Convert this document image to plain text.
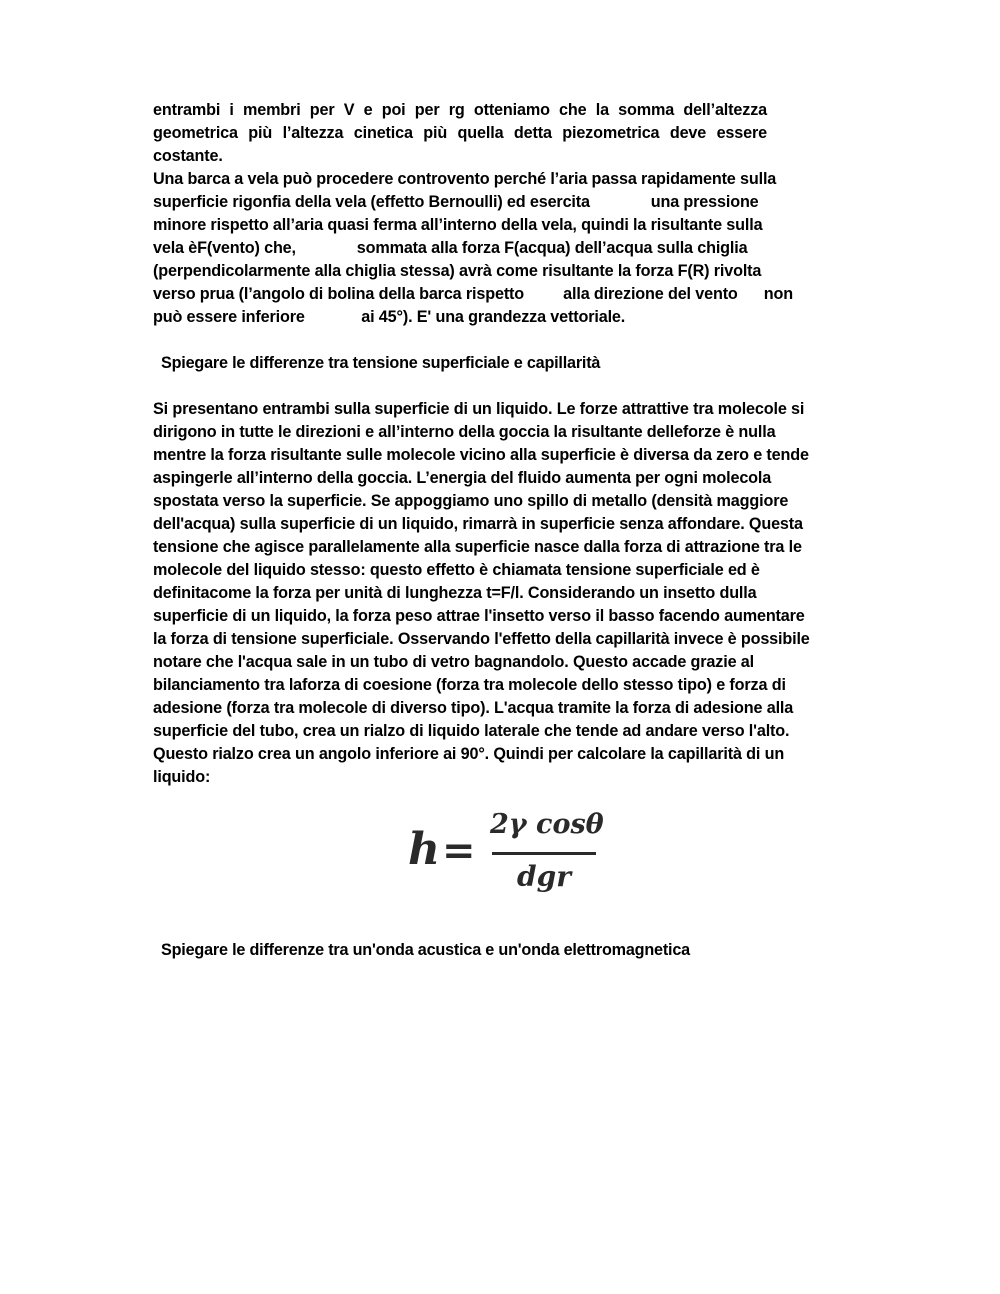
entrambi i membri per V e poi per rg otteniamo che la somma dell’altezza
geometrica più l’altezza cinetica più quella detta piezometrica deve essere
costante.
Una barca a vela può procedere controvento perché l’aria passa rapidamente sulla
superficie rigonfia della vela (effetto Bernoulli) ed esercita              una pressione
minore rispetto all’aria quasi ferma all’interno della vela, quindi la risultante sulla
vela èF(vento) che,              sommata alla forza F(acqua) dell’acqua sulla chiglia
(perpendicolarmente alla chiglia stessa) avrà come risultante la forza F(R) rivolta
verso prua (l’angolo di bolina della barca rispetto         alla direzione del vento      non
può essere inferiore             ai 45°). E' una grandezza vettoriale.
Spiegare le differenze tra tensione superficiale e capillarità
Si presentano entrambi sulla superficie di un liquido. Le forze attrattive tra molecole si
dirigono in tutte le direzioni e all’interno della goccia la risultante delleforze è nulla
mentre la forza risultante sulle molecole vicino alla superficie è diversa da zero e tende
aspingerle all’interno della goccia. L’energia del fluido aumenta per ogni molecola
spostata verso la superficie. Se appoggiamo uno spillo di metallo (densità maggiore
dell'acqua) sulla superficie di un liquido, rimarrà in superficie senza affondare. Questa
tensione che agisce parallelamente alla superficie nasce dalla forza di attrazione tra le
molecole del liquido stesso: questo effetto è chiamata tensione superficiale ed è
definitacome la forza per unità di lunghezza t=F/l. Considerando un insetto dulla
superficie di un liquido, la forza peso attrae l'insetto verso il basso facendo aumentare
la forza di tensione superficiale. Osservando l'effetto della capillarità invece è possibile
notare che l'acqua sale in un tubo di vetro bagnandolo. Questo accade grazie al
bilanciamento tra laforza di coesione (forza tra molecole dello stesso tipo) e forza di
adesione (forza tra molecole di diverso tipo). L'acqua tramite la forza di adesione alla
superficie del tubo, crea un rialzo di liquido laterale che tende ad andare verso l'alto.
Questo rialzo crea un angolo inferiore ai 90°. Quindi per calcolare la capillarità di un
liquido:
h =
2γ cosθ
dgr
Spiegare le differenze tra un'onda acustica e un'onda elettromagnetica
